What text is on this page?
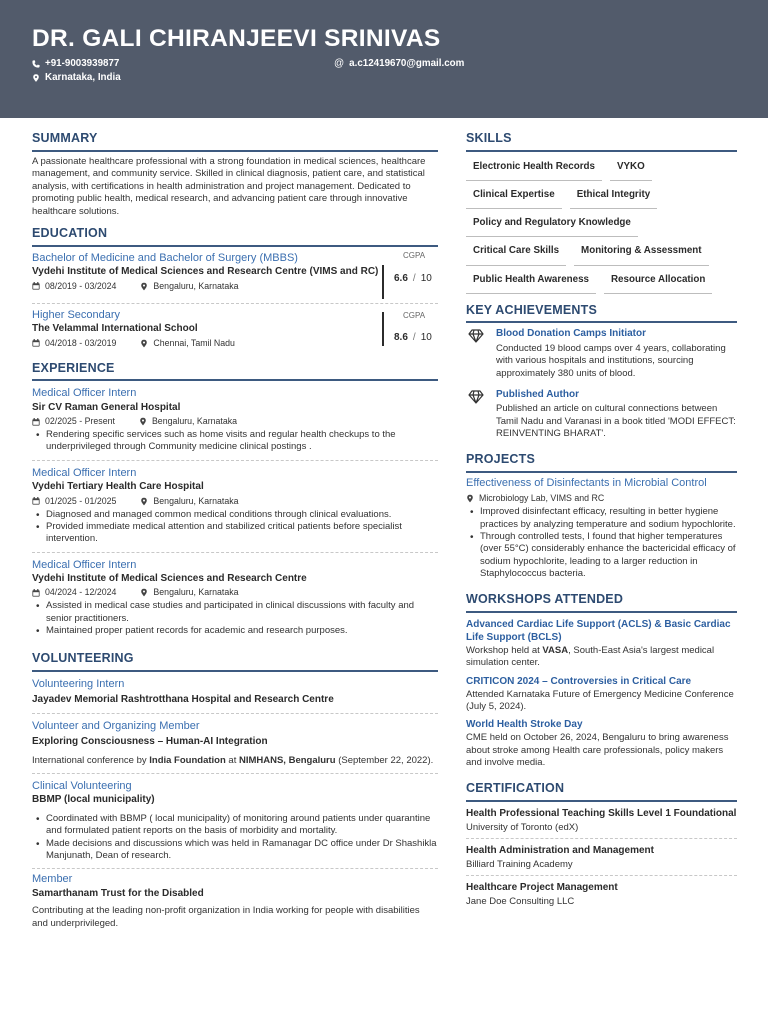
DR. GALI CHIRANJEEVI SRINIVAS
+91-9003939877	@ a.c12419670@gmail.com
Karnataka, India
SUMMARY
A passionate healthcare professional with a strong foundation in medical sciences, healthcare management, and community service. Skilled in clinical diagnosis, patient care, and statistical analysis, with certifications in health administration and project management. Dedicated to promoting public health, medical research, and advancing patient care through innovative healthcare solutions.
EDUCATION
Bachelor of Medicine and Bachelor of Surgery (MBBS)
Vydehi Institute of Medical Sciences and Research Centre (VIMS and RC)
08/2019 - 03/2024	Bengaluru, Karnataka
CGPA
6.6 / 10
Higher Secondary
The Velammal International School
04/2018 - 03/2019	Chennai, Tamil Nadu
CGPA
8.6 / 10
EXPERIENCE
Medical Officer Intern
Sir CV Raman General Hospital
02/2025 - Present	Bengaluru, Karnataka
• Rendering specific services such as home visits and regular health checkups to the underprivileged through Community medicine clinical postings .
Medical Officer Intern
Vydehi Tertiary Health Care Hospital
01/2025 - 01/2025	Bengaluru, Karnataka
• Diagnosed and managed common medical conditions through clinical evaluations.
• Provided immediate medical attention and stabilized critical patients before specialist intervention.
Medical Officer Intern
Vydehi Institute of Medical Sciences and Research Centre
04/2024 - 12/2024	Bengaluru, Karnataka
• Assisted in medical case studies and participated in clinical discussions with faculty and senior practitioners.
• Maintained proper patient records for academic and research purposes.
VOLUNTEERING
Volunteering Intern
Jayadev Memorial Rashtrotthana Hospital and Research Centre
Volunteer and Organizing Member
Exploring Consciousness – Human-AI Integration
International conference by India Foundation at NIMHANS, Bengaluru (September 22, 2022).
Clinical Volunteering
BBMP (local municipality)
• Coordinated with BBMP ( local municipality) of monitoring around patients under quarantine and formulated patient reports on the basis of morbidity and mortality.
• Made decisions and discussions which was held in Ramanagar DC office under Dr Shashikla Manjunath, Dean of research.
Member
Samarthanam Trust for the Disabled
Contributing at the leading non-profit organization in India working for people with disabilities and underprivileged.
SKILLS
Electronic Health Records	VYKO
Clinical Expertise	Ethical Integrity
Policy and Regulatory Knowledge
Critical Care Skills	Monitoring & Assessment
Public Health Awareness	Resource Allocation
KEY ACHIEVEMENTS
Blood Donation Camps Initiator
Conducted 19 blood camps over 4 years, collaborating with various hospitals and institutions, sourcing approximately 380 units of blood.
Published Author
Published an article on cultural connections between Tamil Nadu and Varanasi in a book titled 'MODI EFFECT: REINVENTING BHARAT'.
PROJECTS
Effectiveness of Disinfectants in Microbial Control
Microbiology Lab, VIMS and RC
• Improved disinfectant efficacy, resulting in better hygiene practices by analyzing temperature and sodium hypochlorite.
• Through controlled tests, I found that higher temperatures (over 55°C) considerably enhance the bactericidal efficacy of sodium hypochlorite, leading to a larger reduction in Staphylococcus bacteria.
WORKSHOPS ATTENDED
Advanced Cardiac Life Support (ACLS) & Basic Cardiac Life Support (BCLS)
Workshop held at VASA, South-East Asia's largest medical simulation center.
CRITICON 2024 – Controversies in Critical Care
Attended Karnataka Future of Emergency Medicine Conference (July 5, 2024).
World Health Stroke Day
CME held on October 26, 2024, Bengaluru to bring awareness about stroke among Health care professionals, policy makers and involve media.
CERTIFICATION
Health Professional Teaching Skills Level 1 Foundational
University of Toronto (edX)
Health Administration and Management
Billiard Training Academy
Healthcare Project Management
Jane Doe Consulting LLC
